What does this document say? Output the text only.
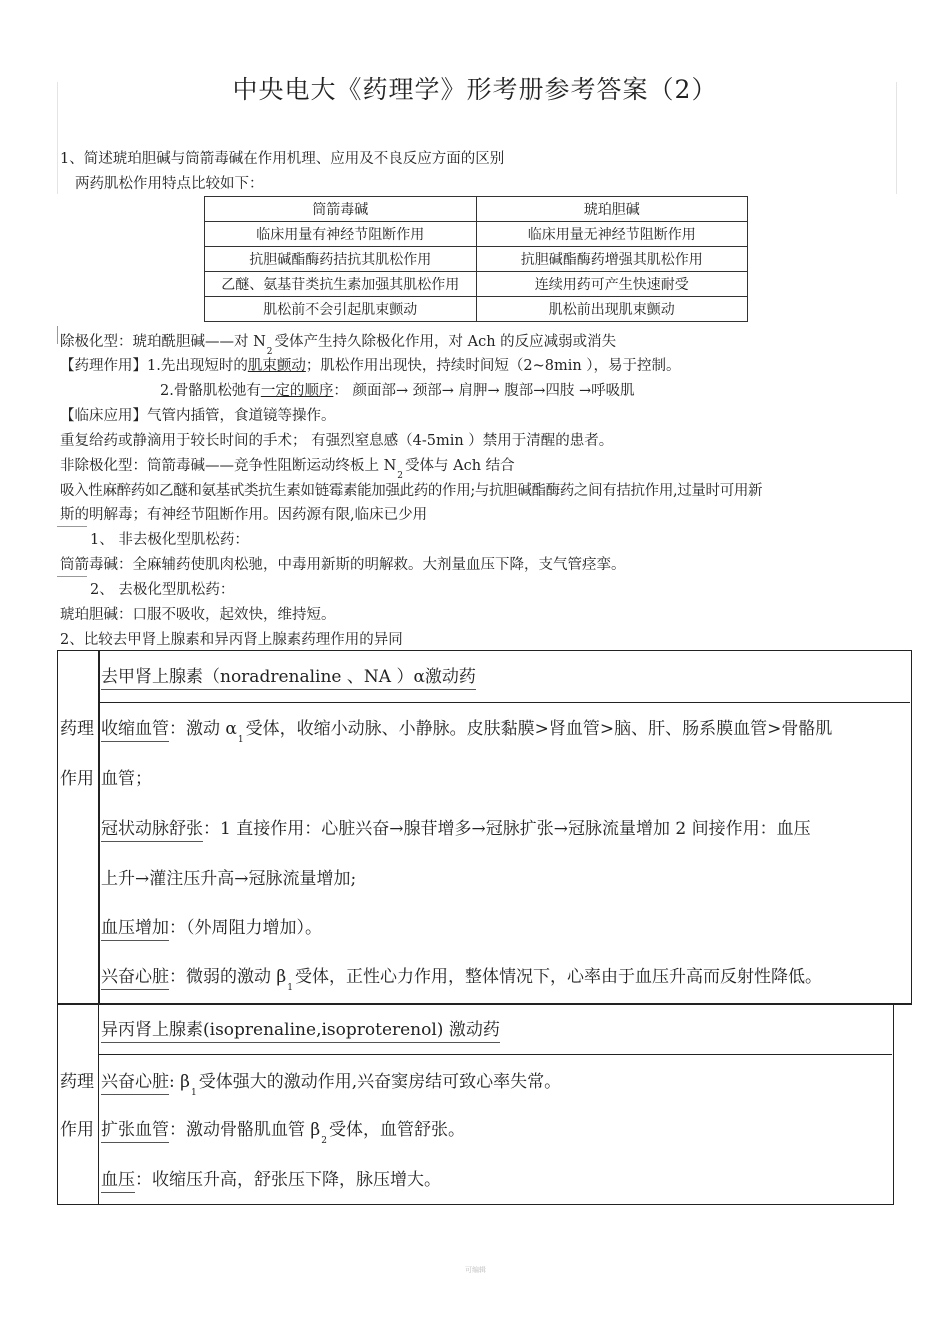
中央电大《药理学》形考册参考答案（2）
1、简述琥珀胆碱与筒箭毒碱在作用机理、应用及不良反应方面的区别
两药肌松作用特点比较如下：
筒箭毒碱	琥珀胆碱
临床用量有神经节阻断作用	临床用量无神经节阻断作用
抗胆碱酯酶药拮抗其肌松作用	抗胆碱酯酶药增强其肌松作用
乙醚、氨基苷类抗生素加强其肌松作用	连续用药可产生快速耐受
肌松前不会引起肌束颤动	肌松前出现肌束颤动
除极化型：琥珀酰胆碱——对 $N_2$受体产生持久除极化作用，对 Ach 的反应减弱或消失
【药理作用】1.先出现短时的肌束颤动；肌松作用出现快，持续时间短（2~8min ），易于控制。
2.骨骼肌松弛有一定的顺序： 颜面部→ 颈部→ 肩胛→ 腹部→四肢 →呼吸肌
【临床应用】气管内插管，食道镜等操作。
重复给药或静滴用于较长时间的手术； 有强烈窒息感（4-5min ）禁用于清醒的患者。
非除极化型：筒箭毒碱——竞争性阻断运动终板上 $N_2$受体与 Ach 结合
吸入性麻醉药如乙醚和氨基甙类抗生素如链霉素能加强此药的作用;与抗胆碱酯酶药之间有拮抗作用,过量时可用新
斯的明解毒；有神经节阻断作用。因药源有限,临床已少用
1、 非去极化型肌松药：
筒箭毒碱：全麻辅药使肌肉松驰，中毒用新斯的明解救。大剂量血压下降，支气管痉挛。
2、 去极化型肌松药：
琥珀胆碱：口服不吸收，起效快，维持短。
2、比较去甲肾上腺素和异丙肾上腺素药理作用的异同
去甲肾上腺素（noradrenaline 、NA ）α激动药
药理
作用
收缩血管：激动 $\alpha_1$受体，收缩小动脉、小静脉。皮肤黏膜>肾血管>脑、肝、肠系膜血管>骨骼肌
血管；
冠状动脉舒张：1 直接作用：心脏兴奋→腺苷增多→冠脉扩张→冠脉流量增加 2 间接作用：血压
上升→灌注压升高→冠脉流量增加;
血压增加：（外周阻力增加）。
兴奋心脏：微弱的激动 $\beta_1$受体，正性心力作用，整体情况下，心率由于血压升高而反射性降低。
异丙肾上腺素(isoprenaline,isoproterenol) 激动药
药理
作用
兴奋心脏: $\beta_1$受体强大的激动作用,兴奋窦房结可致心率失常。
扩张血管：激动骨骼肌血管 $\beta_2$受体，血管舒张。
血压：收缩压升高，舒张压下降，脉压增大。
可编辑
